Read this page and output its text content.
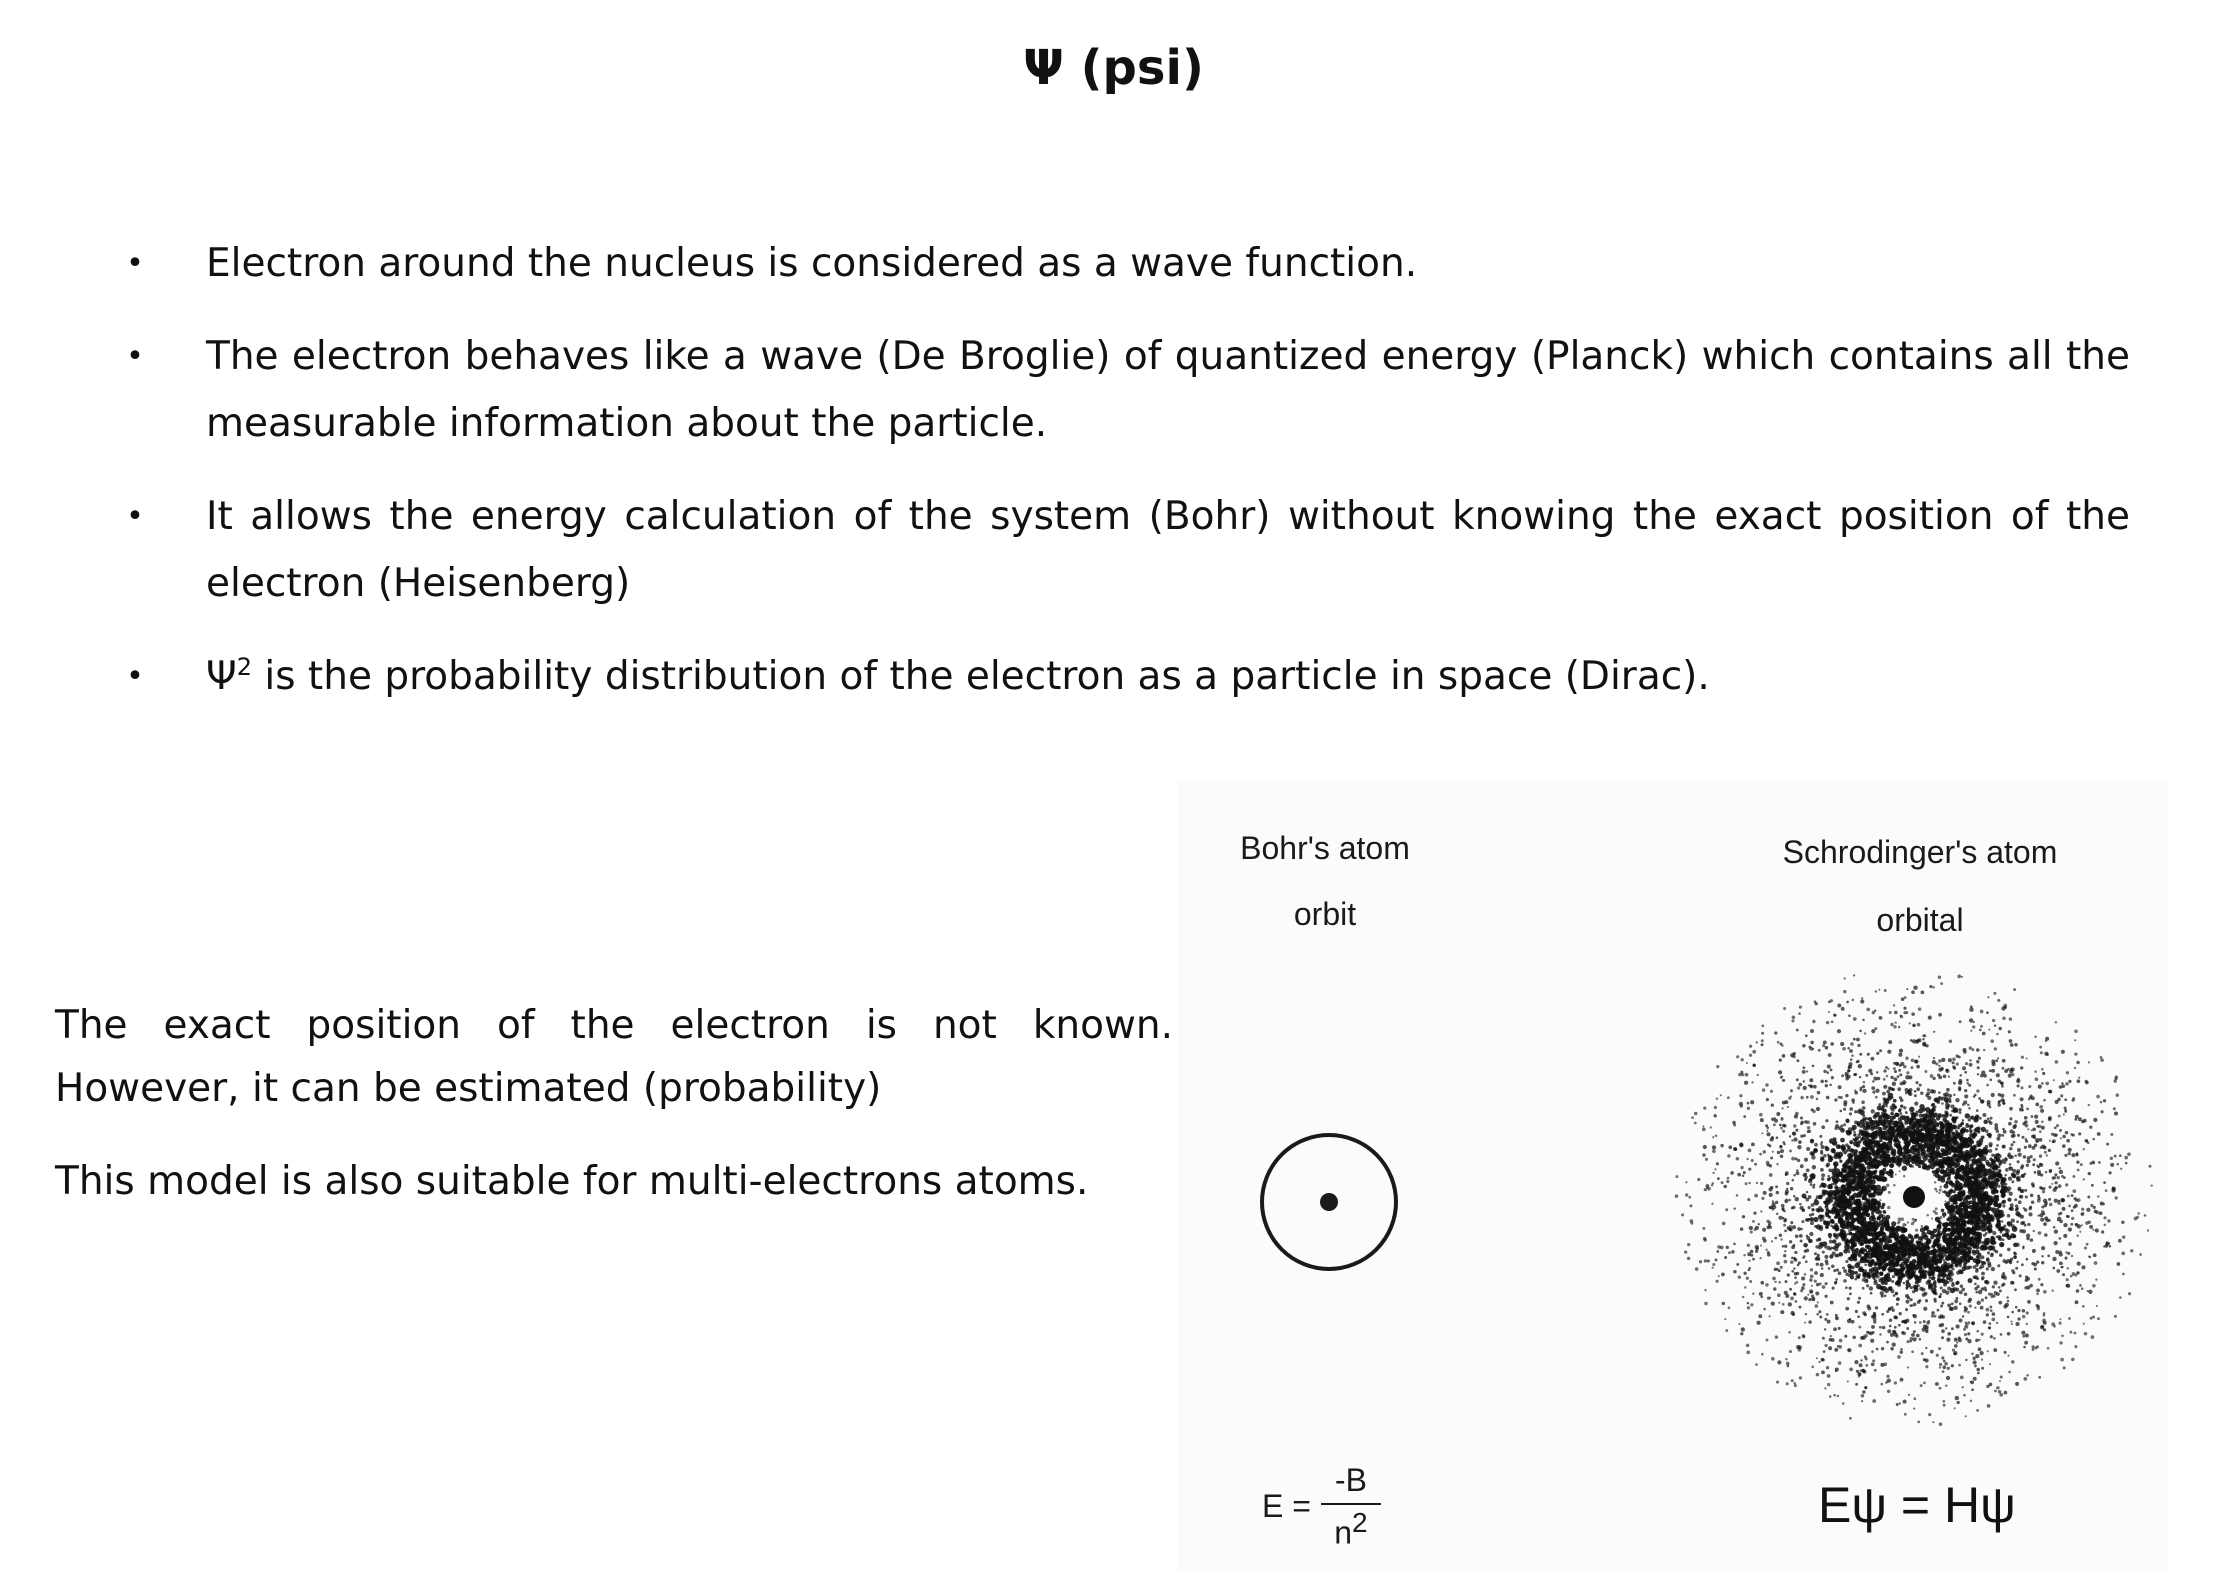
Ψ (psi)
• Electron around the nucleus is considered as a wave function.
• The electron behaves like a wave (De Broglie) of quantized energy (Planck) which contains all the measurable information about the particle.
• It allows the energy calculation of the system (Bohr) without knowing the exact position of the electron (Heisenberg)
• $\Psi^2$ is the probability distribution of the electron as a particle in space (Dirac).

The exact position of the electron is not known. However, it can be estimated (probability)

This model is also suitable for multi-electrons atoms.

Bohr's atom
orbit
Schrodinger's atom
orbital
$E = \frac{-B}{n^2}$	Eψ = Hψ
